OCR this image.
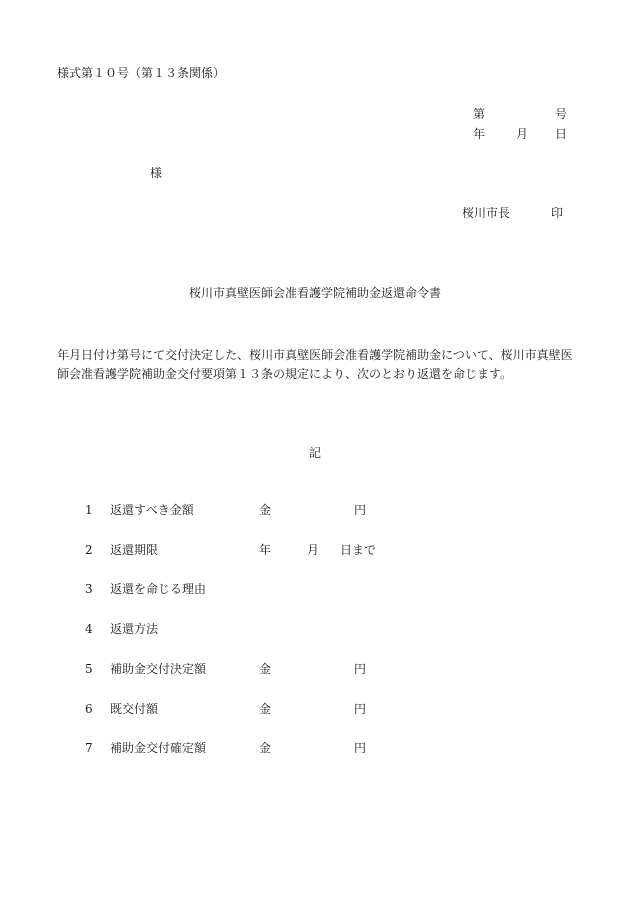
様式第１０号（第１３条関係）
第	号
年	月 日
様
桜川市長	印
桜川市真壁医師会准看護学院補助金返還命令書
年月日付け第号にて交付決定した、桜川市真壁医師会准看護学院補助金について、桜川市真壁医師会准看護学院補助金交付要項第１３条の規定により、次のとおり返還を命じます。
記
1 返還すべき金額	金	円
2 返還期限	年	月 日まで
3 返還を命じる理由
4 返還方法
5 補助金交付決定額	金	円
6 既交付額	金	円
7 補助金交付確定額	金	円
